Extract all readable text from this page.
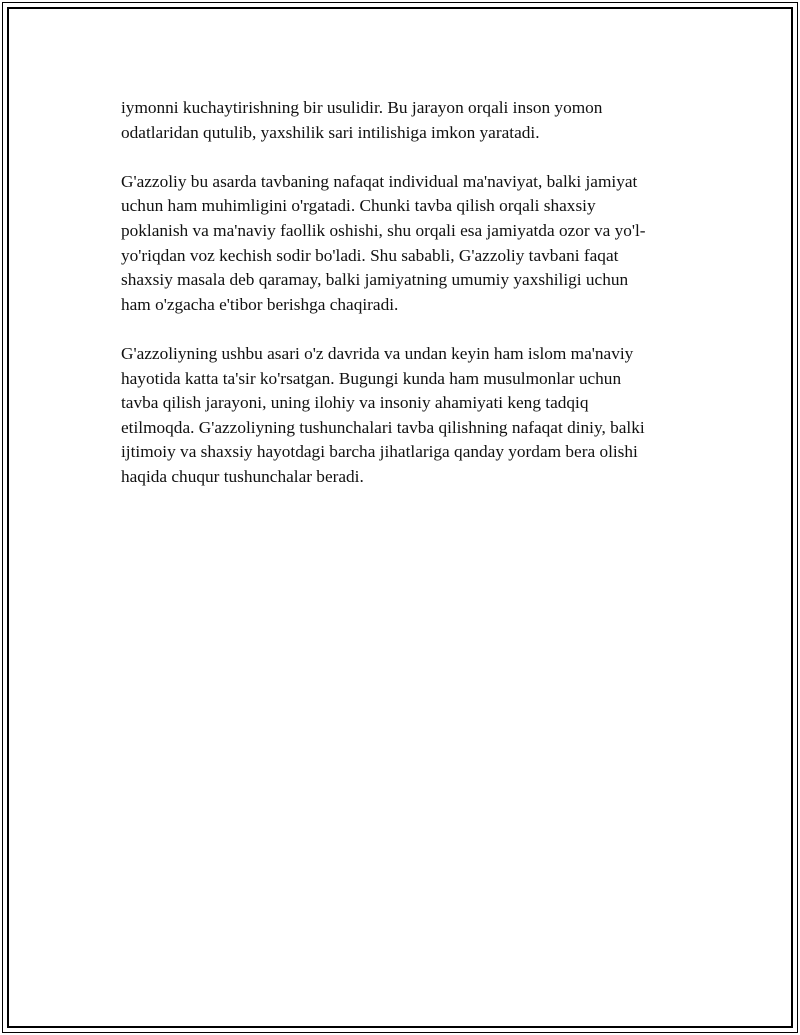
iymonni kuchaytirishning bir usulidir. Bu jarayon orqali inson yomon
odatlaridan qutulib, yaxshilik sari intilishiga imkon yaratadi.

G'azzoliy bu asarda tavbaning nafaqat individual ma'naviyat, balki jamiyat
uchun ham muhimligini o'rgatadi. Chunki tavba qilish orqali shaxsiy
poklanish va ma'naviy faollik oshishi, shu orqali esa jamiyatda ozor va yo'l-
yo'riqdan voz kechish sodir bo'ladi. Shu sababli, G'azzoliy tavbani faqat
shaxsiy masala deb qaramay, balki jamiyatning umumiy yaxshiligi uchun
ham o'zgacha e'tibor berishga chaqiradi.

G'azzoliyning ushbu asari o'z davrida va undan keyin ham islom ma'naviy
hayotida katta ta'sir ko'rsatgan. Bugungi kunda ham musulmonlar uchun
tavba qilish jarayoni, uning ilohiy va insoniy ahamiyati keng tadqiq
etilmoqda. G'azzoliyning tushunchalari tavba qilishning nafaqat diniy, balki
ijtimoiy va shaxsiy hayotdagi barcha jihatlariga qanday yordam bera olishi
haqida chuqur tushunchalar beradi.
